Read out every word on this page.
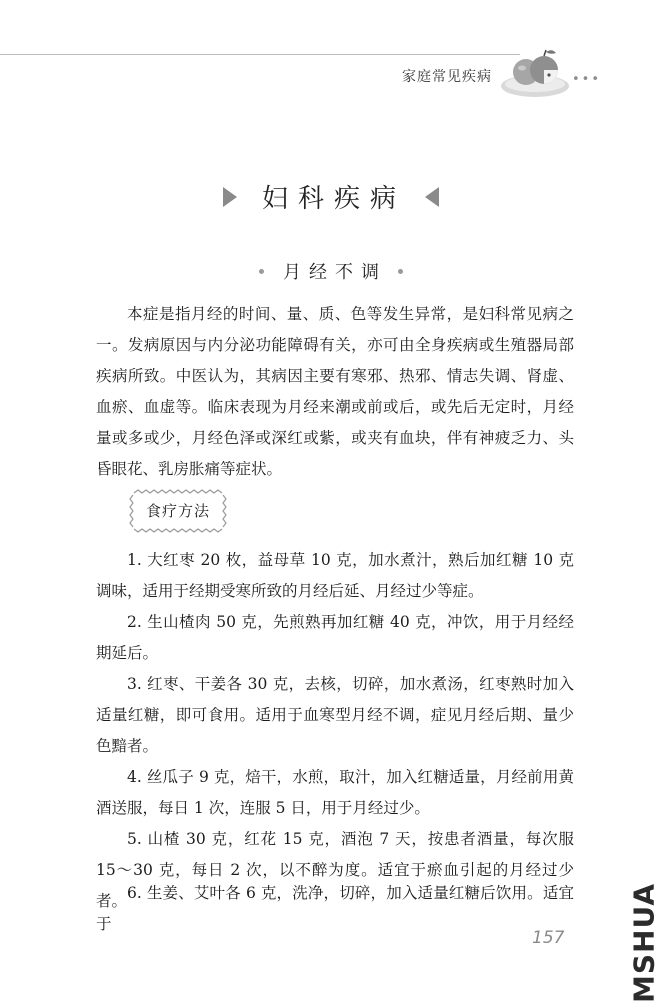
家庭常见疾病	•••
妇科疾病
月经不调

本症是指月经的时间、量、质、色等发生异常，是妇科常见病之一。发病原因与内分泌功能障碍有关，亦可由全身疾病或生殖器局部疾病所致。中医认为，其病因主要有寒邪、热邪、情志失调、肾虚、血瘀、血虚等。临床表现为月经来潮或前或后，或先后无定时，月经量或多或少，月经色泽或深红或紫，或夹有血块，伴有神疲乏力、头昏眼花、乳房胀痛等症状。

食疗方法

1. 大红枣 20 枚，益母草 10 克，加水煮汁，熟后加红糖 10 克调味，适用于经期受寒所致的月经后延、月经过少等症。

2. 生山楂肉 50 克，先煎熟再加红糖 40 克，冲饮，用于月经经期延后。

3. 红枣、干姜各 30 克，去核，切碎，加水煮汤，红枣熟时加入适量红糖，即可食用。适用于血寒型月经不调，症见月经后期、量少色黯者。

4. 丝瓜子 9 克，焙干，水煎，取汁，加入红糖适量，月经前用黄酒送服，每日 1 次，连服 5 日，用于月经过少。

5. 山楂 30 克，红花 15 克，酒泡 7 天，按患者酒量，每次服 15～30 克，每日 2 次，以不醉为度。适宜于瘀血引起的月经过少者。 6. 生姜、艾叶各 6 克，洗净，切碎，加入适量红糖后饮用。适宜于

157 MSHUA
